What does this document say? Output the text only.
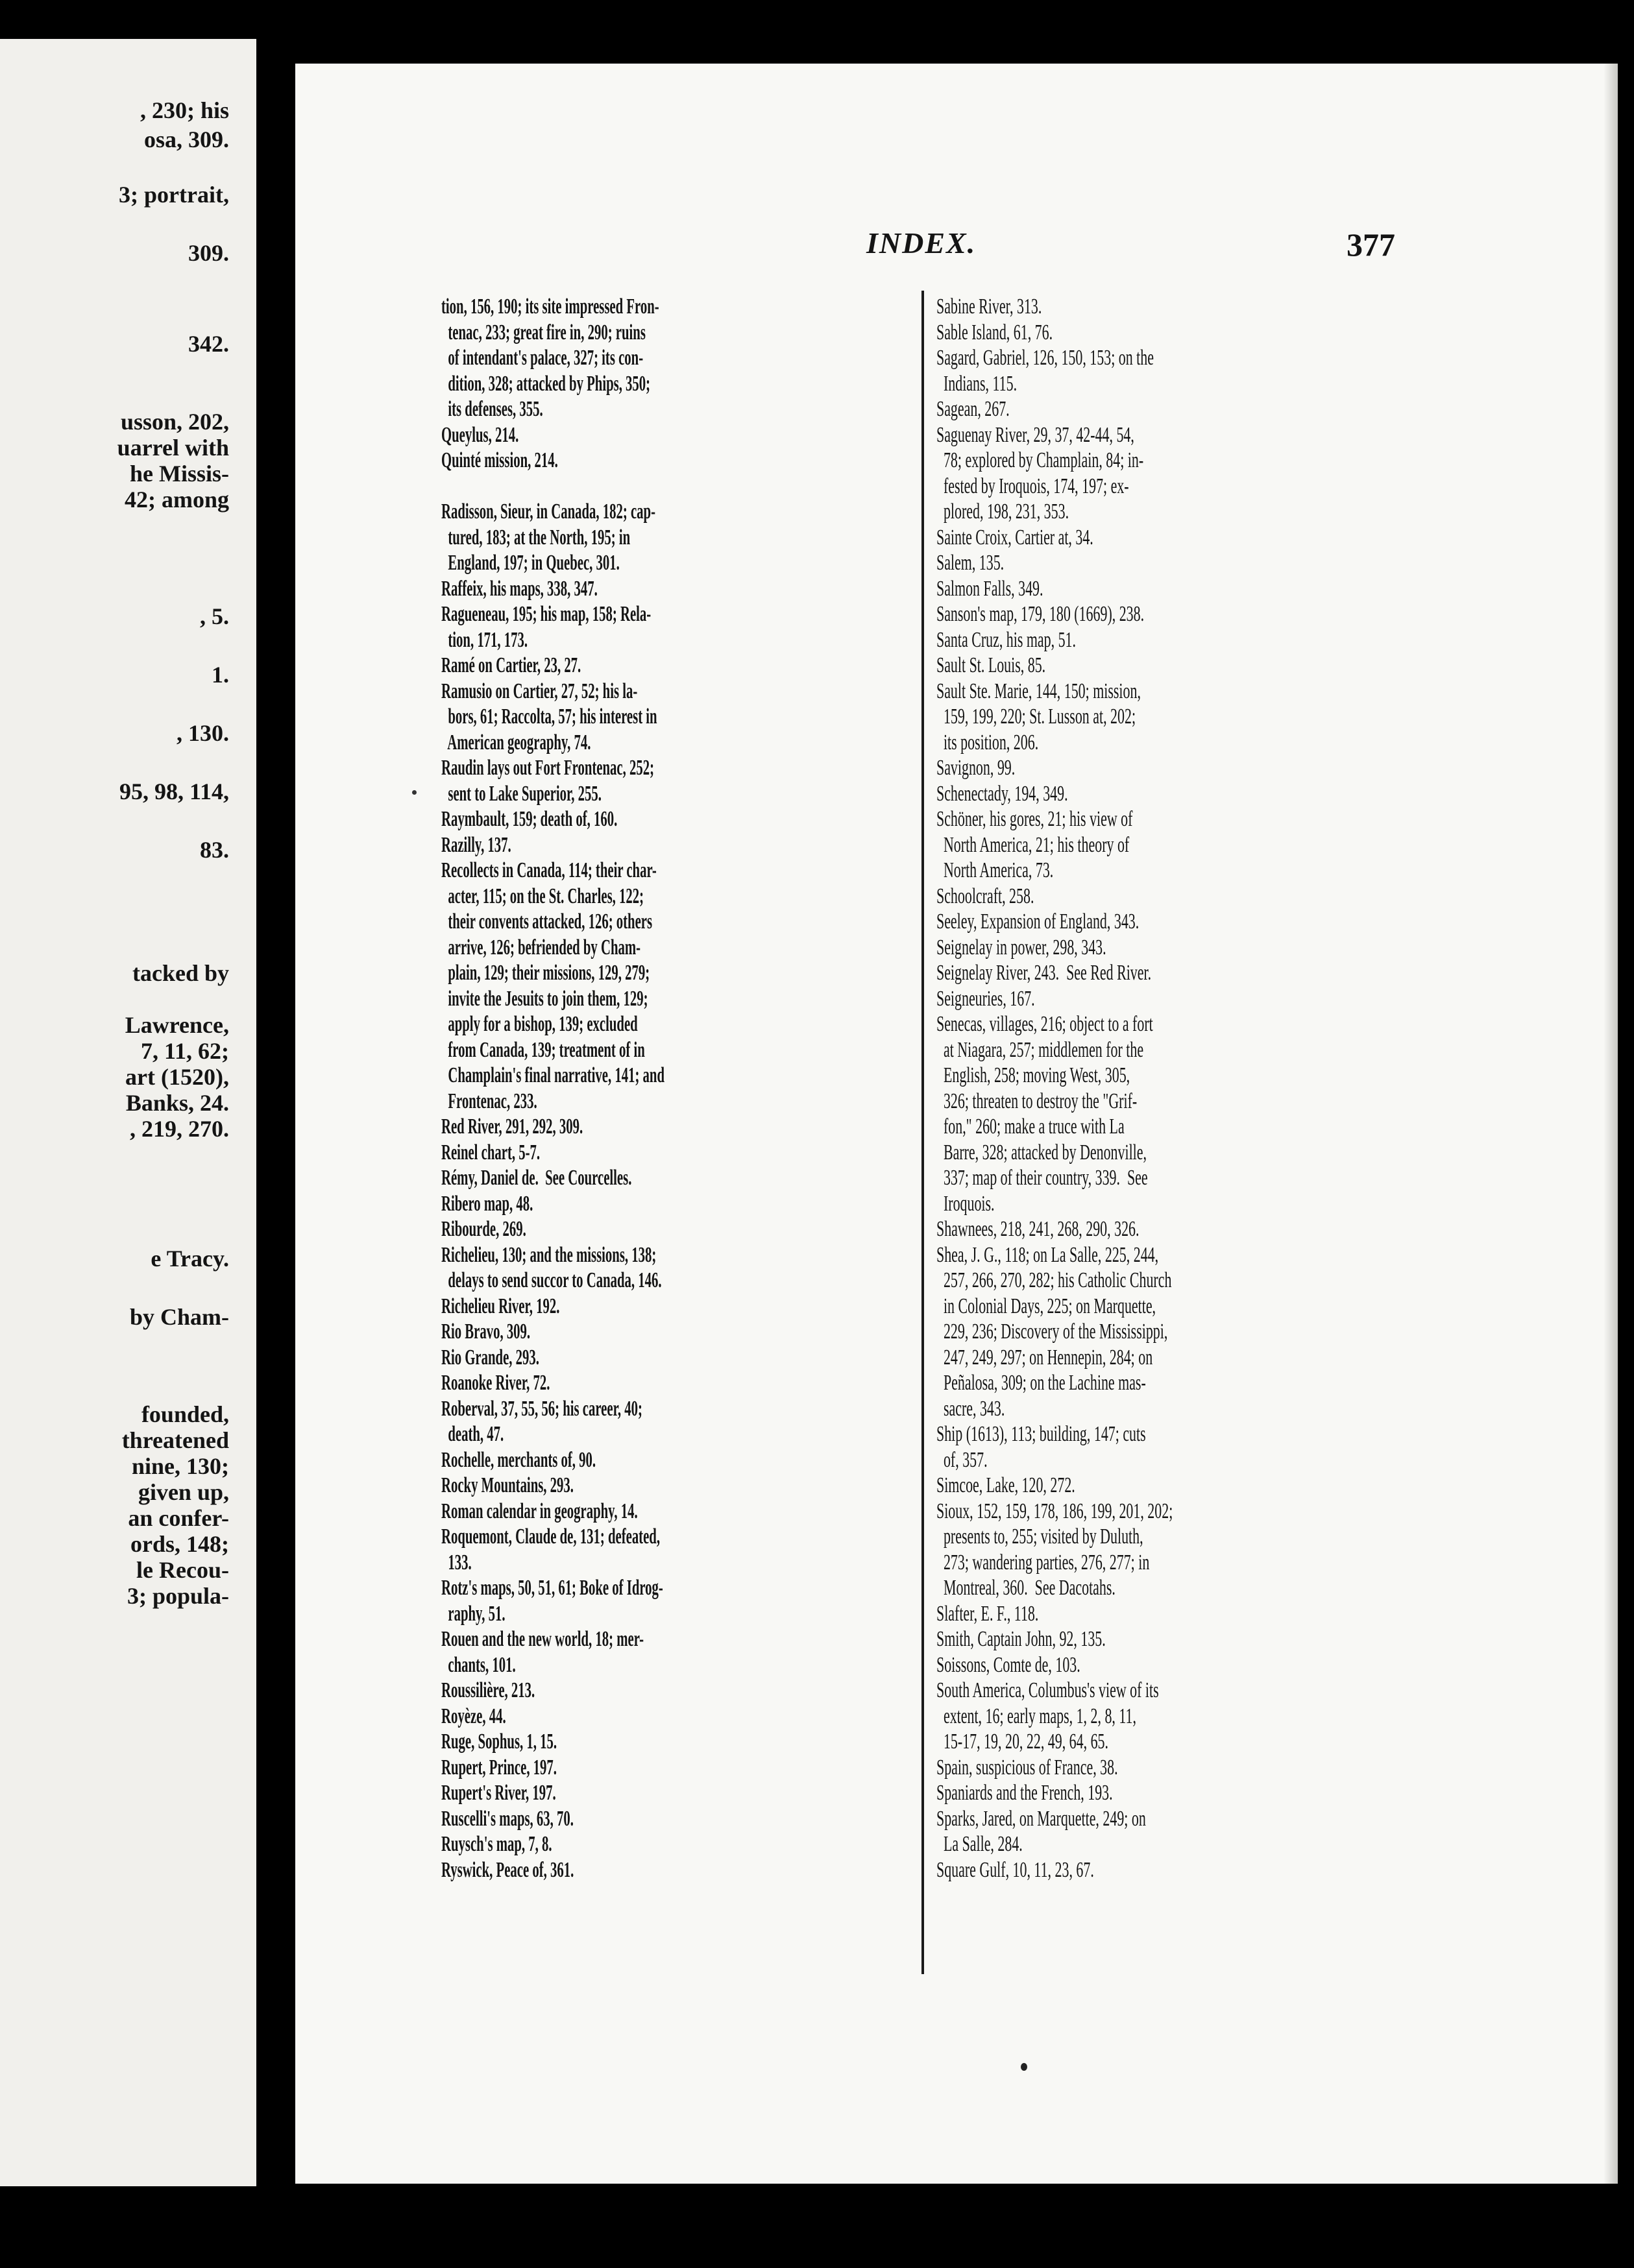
, 230; his
osa, 309.
3; portrait,
309.
342.
usson, 202,
uarrel with
he Missis-
42; among
, 5.
1.
, 130.
95, 98, 114,
83.
tacked by
Lawrence,
7, 11, 62;
art (1520),
Banks, 24.
, 219, 270.
e Tracy.
by Cham-
founded,
threatened
nine, 130;
given up,
an confer-
ords, 148;
le Recou-
3; popula-
INDEX.	377
tion, 156, 190; its site impressed Fron-
tenac, 233; great fire in, 290; ruins
of intendant's palace, 327; its con-
dition, 328; attacked by Phips, 350;
its defenses, 355.
Queylus, 214.
Quinté mission, 214.
Radisson, Sieur, in Canada, 182; cap-
tured, 183; at the North, 195; in
England, 197; in Quebec, 301.
Raffeix, his maps, 338, 347.
Ragueneau, 195; his map, 158; Rela-
tion, 171, 173.
Ramé on Cartier, 23, 27.
Ramusio on Cartier, 27, 52; his la-
bors, 61; Raccolta, 57; his interest in
American geography, 74.
Raudin lays out Fort Frontenac, 252;
sent to Lake Superior, 255.
Raymbault, 159; death of, 160.
Razilly, 137.
Recollects in Canada, 114; their char-
acter, 115; on the St. Charles, 122;
their convents attacked, 126; others
arrive, 126; befriended by Cham-
plain, 129; their missions, 129, 279;
invite the Jesuits to join them, 129;
apply for a bishop, 139; excluded
from Canada, 139; treatment of in
Champlain's final narrative, 141; and
Frontenac, 233.
Red River, 291, 292, 309.
Reinel chart, 5-7.
Rémy, Daniel de.  See Courcelles.
Ribero map, 48.
Ribourde, 269.
Richelieu, 130; and the missions, 138;
delays to send succor to Canada, 146.
Richelieu River, 192.
Rio Bravo, 309.
Rio Grande, 293.
Roanoke River, 72.
Roberval, 37, 55, 56; his career, 40;
death, 47.
Rochelle, merchants of, 90.
Rocky Mountains, 293.
Roman calendar in geography, 14.
Roquemont, Claude de, 131; defeated,
133.
Rotz's maps, 50, 51, 61; Boke of Idrog-
raphy, 51.
Rouen and the new world, 18; mer-
chants, 101.
Roussilière, 213.
Royèze, 44.
Ruge, Sophus, 1, 15.
Rupert, Prince, 197.
Rupert's River, 197.
Ruscelli's maps, 63, 70.
Ruysch's map, 7, 8.
Ryswick, Peace of, 361.
Sabine River, 313.
Sable Island, 61, 76.
Sagard, Gabriel, 126, 150, 153; on the
Indians, 115.
Sagean, 267.
Saguenay River, 29, 37, 42-44, 54,
78; explored by Champlain, 84; in-
fested by Iroquois, 174, 197; ex-
plored, 198, 231, 353.
Sainte Croix, Cartier at, 34.
Salem, 135.
Salmon Falls, 349.
Sanson's map, 179, 180 (1669), 238.
Santa Cruz, his map, 51.
Sault St. Louis, 85.
Sault Ste. Marie, 144, 150; mission,
159, 199, 220; St. Lusson at, 202;
its position, 206.
Savignon, 99.
Schenectady, 194, 349.
Schöner, his gores, 21; his view of
North America, 21; his theory of
North America, 73.
Schoolcraft, 258.
Seeley, Expansion of England, 343.
Seignelay in power, 298, 343.
Seignelay River, 243.  See Red River.
Seigneuries, 167.
Senecas, villages, 216; object to a fort
at Niagara, 257; middlemen for the
English, 258; moving West, 305,
326; threaten to destroy the "Grif-
fon," 260; make a truce with La
Barre, 328; attacked by Denonville,
337; map of their country, 339.  See
Iroquois.
Shawnees, 218, 241, 268, 290, 326.
Shea, J. G., 118; on La Salle, 225, 244,
257, 266, 270, 282; his Catholic Church
in Colonial Days, 225; on Marquette,
229, 236; Discovery of the Mississippi,
247, 249, 297; on Hennepin, 284; on
Peñalosa, 309; on the Lachine mas-
sacre, 343.
Ship (1613), 113; building, 147; cuts
of, 357.
Simcoe, Lake, 120, 272.
Sioux, 152, 159, 178, 186, 199, 201, 202;
presents to, 255; visited by Duluth,
273; wandering parties, 276, 277; in
Montreal, 360.  See Dacotahs.
Slafter, E. F., 118.
Smith, Captain John, 92, 135.
Soissons, Comte de, 103.
South America, Columbus's view of its
extent, 16; early maps, 1, 2, 8, 11,
15-17, 19, 20, 22, 49, 64, 65.
Spain, suspicious of France, 38.
Spaniards and the French, 193.
Sparks, Jared, on Marquette, 249; on
La Salle, 284.
Square Gulf, 10, 11, 23, 67.
